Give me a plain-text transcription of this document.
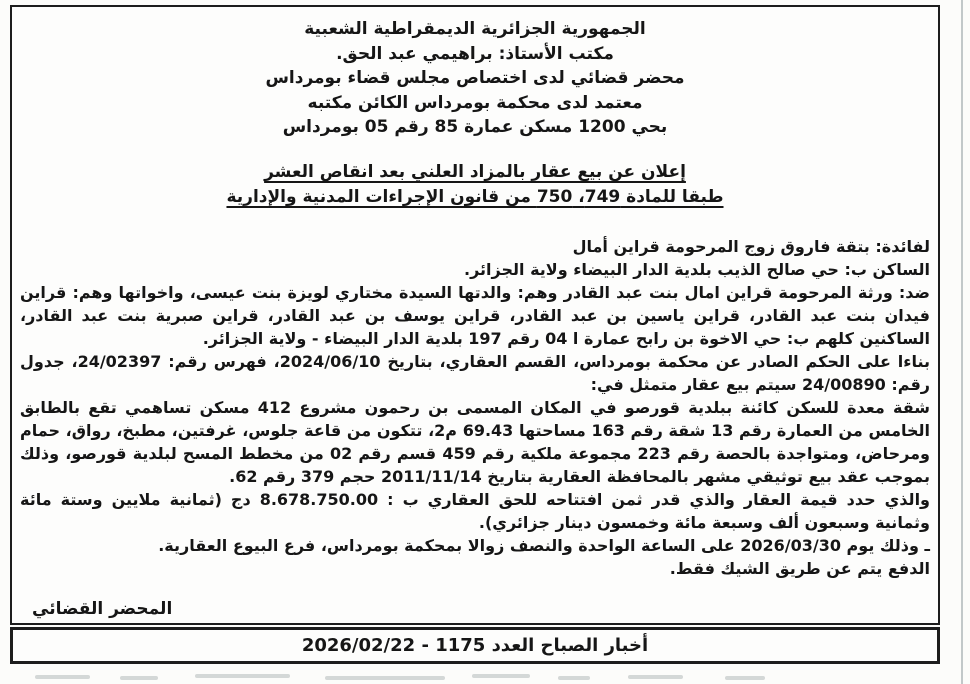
الجمهورية الجزائرية الديمقراطية الشعبية
مكتب الأستاذ: براهيمي عبد الحق.
محضر قضائي لدى اختصاص مجلس قضاء بومرداس
معتمد لدى محكمة بومرداس الكائن مكتبه
بحي 1200 مسكن عمارة 85 رقم 05 بومرداس
إعلان عن بيع عقار بالمزاد العلني بعد انقاص العشر
طبقا للمادة 749، 750 من قانون الإجراءات المدنية والإدارية

لفائدة: بتقة فاروق زوج المرحومة قراين أمال

الساكن ب: حي صالح الذيب بلدية الدار البيضاء ولاية الجزائر.

ضد: ورثة المرحومة قراين امال بنت عبد القادر وهم: والدتها السيدة مختاري لويزة بنت عيسى، واخواتها وهم: قراين فيدان بنت عبد القادر، قراين ياسين بن عبد القادر، قراين يوسف بن عبد القادر، قراين صبرية بنت عبد القادر، الساكنين كلهم ب: حي الاخوة بن رابح عمارة ا 04 رقم 197 بلدية الدار البيضاء - ولاية الجزائر.

بناءا على الحكم الصادر عن محكمة بومرداس، القسم العقاري، بتاريخ 2024/06/10، فهرس رقم: 24/02397، جدول رقم: 24/00890 سيتم بيع عقار متمثل في:

شقة معدة للسكن كائنة ببلدية قورصو في المكان المسمى بن رحمون مشروع 412 مسكن تساهمي تقع بالطابق الخامس من العمارة رقم 13 شقة رقم 163 مساحتها 69.43 م2، تتكون من قاعة جلوس، غرفتين، مطبخ، رواق، حمام ومرحاض، ومتواجدة بالحصة رقم 223 مجموعة ملكية رقم 459 قسم رقم 02 من مخطط المسح لبلدية قورصو، وذلك بموجب عقد بيع توثيقي مشهر بالمحافظة العقارية بتاريخ 2011/11/14 حجم 379 رقم 62.

والذي حدد قيمة العقار والذي قدر ثمن افتتاحه للحق العقاري ب : 8.678.750.00 دج (ثمانية ملايين وستة مائة وثمانية وسبعون ألف وسبعة مائة وخمسون دينار جزائري).

ـ وذلك يوم 2026/03/30 على الساعة الواحدة والنصف زوالا بمحكمة بومرداس، فرع البيوع العقارية.

الدفع يتم عن طريق الشيك فقط.

المحضر القضائي
أخبار الصباح العدد 1175 - 2026/02/22
